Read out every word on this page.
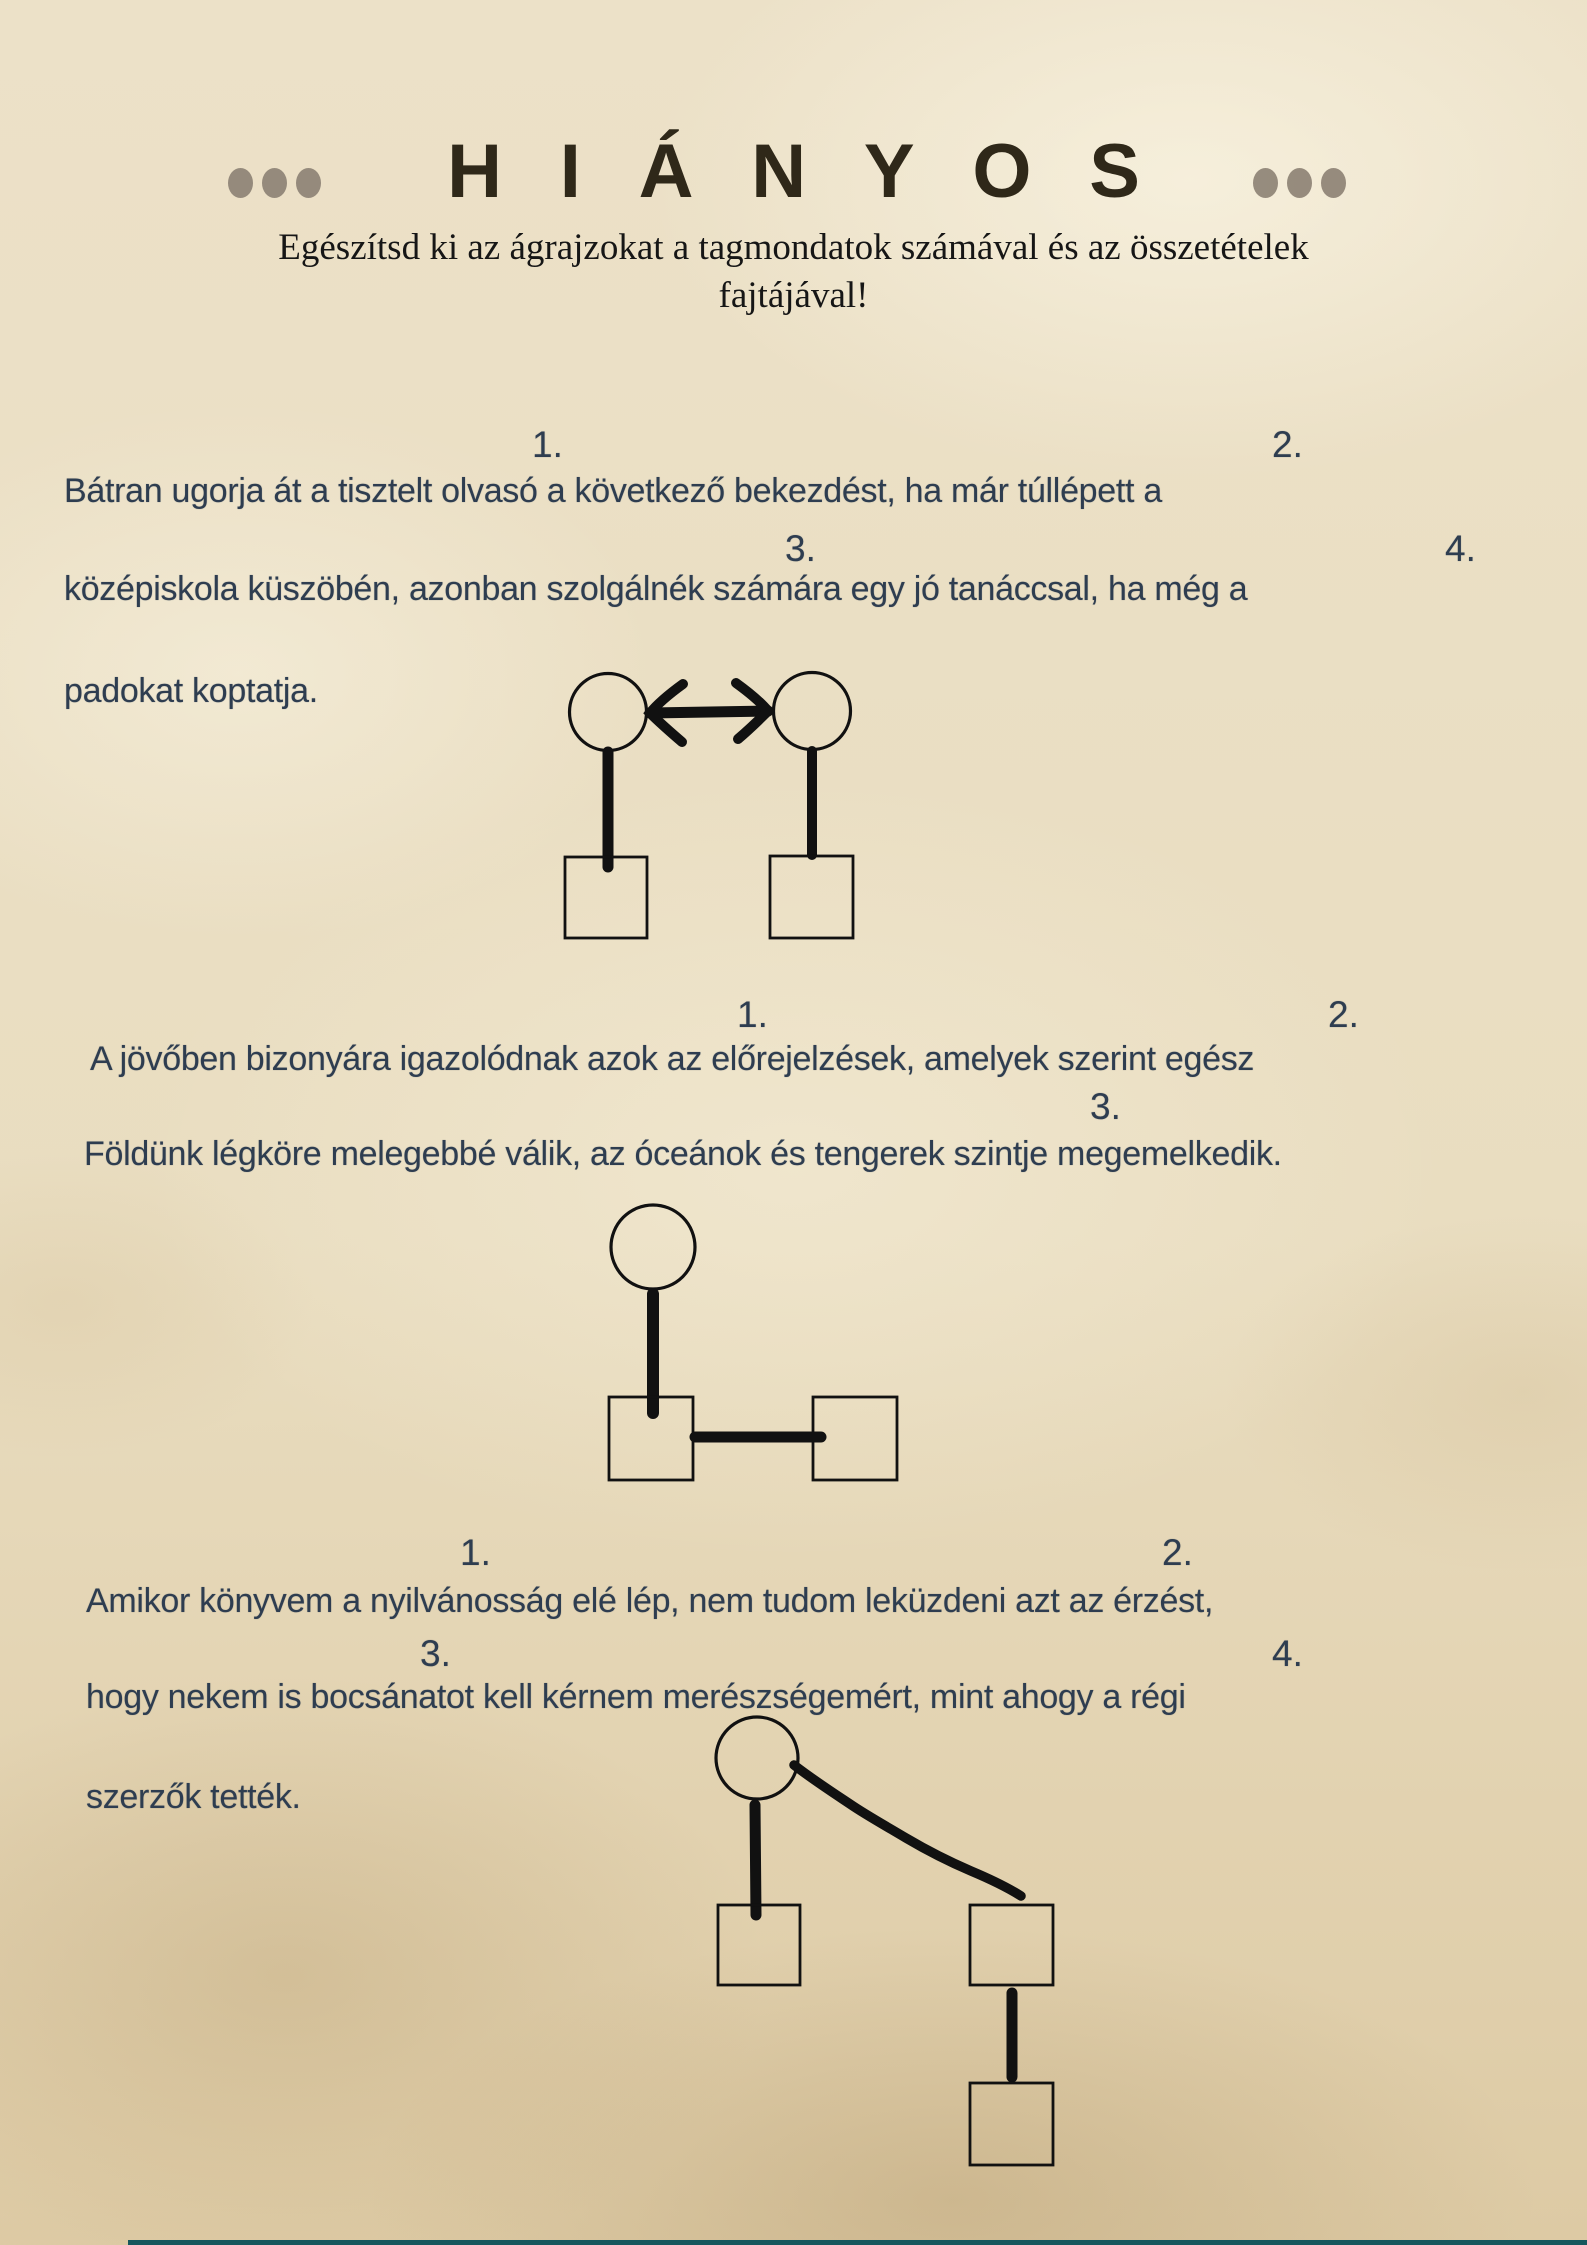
HIÁNYOS
Egészítsd ki az ágrajzokat a tagmondatok számával és az összetételek
fajtájával!
1.	2.
Bátran ugorja át a tisztelt olvasó a következő bekezdést, ha már túllépett a
3.	4.
középiskola küszöbén, azonban szolgálnék számára egy jó tanáccsal, ha még a
padokat koptatja.
1.	2.
A jövőben bizonyára igazolódnak azok az előrejelzések, amelyek szerint egész
3.
Földünk légköre melegebbé válik, az óceánok és tengerek szintje megemelkedik.
1.	2.
Amikor könyvem a nyilvánosság elé lép, nem tudom leküzdeni azt az érzést,
3.	4.
hogy nekem is bocsánatot kell kérnem merészségemért, mint ahogy a régi
szerzők tették.
